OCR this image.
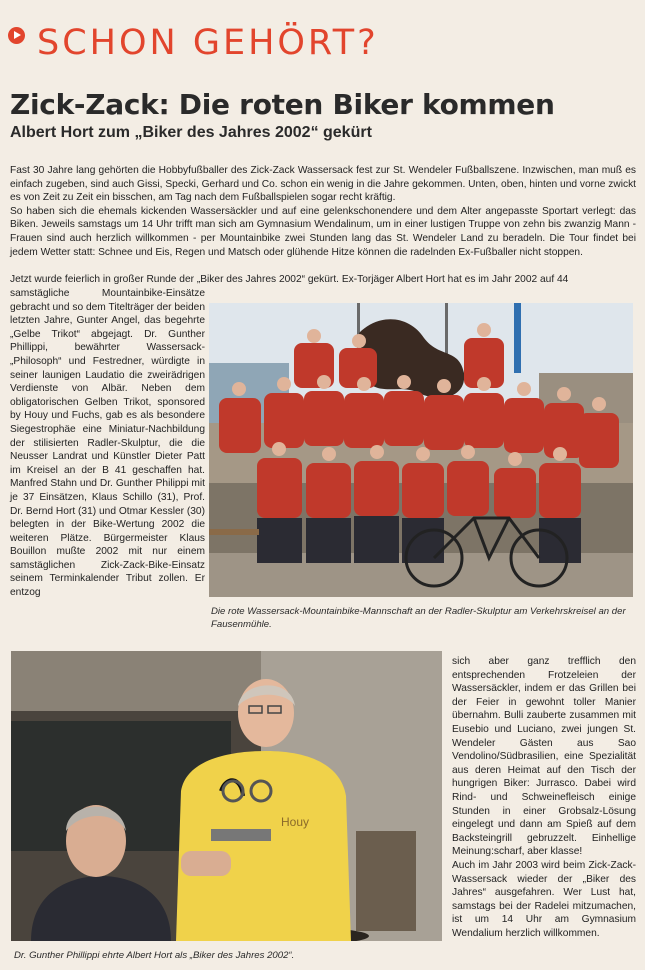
SCHON GEHÖRT?
Zick-Zack: Die roten Biker kommen
Albert Hort zum „Biker des Jahres 2002“ gekürt

Fast 30 Jahre lang gehörten die Hobbyfußballer des Zick-Zack Wassersack fest zur St. Wendeler Fußballszene. Inzwischen, man muß es einfach zugeben, sind auch Gissi, Specki, Gerhard und Co. schon ein wenig in die Jahre gekommen. Unten, oben, hinten und vorne zwickt es von Zeit zu Zeit ein bisschen, am Tag nach dem Fußballspielen sogar recht kräftig.

So haben sich die ehemals kickenden Wassersäckler und auf eine gelenkschonendere und dem Alter angepasste Sportart verlegt: das Biken. Jeweils samstags um 14 Uhr trifft man sich am Gymnasium Wendalinum, um in einer lustigen Truppe von zehn bis zwanzig Mann - Frauen sind auch herzlich willkommen - per Mountainbike zwei Stunden lang das St. Wendeler Land zu beradeln. Die Tour findet bei jedem Wetter statt: Schnee und Eis, Regen und Matsch oder glühende Hitze können die radelnden Ex-Fußballer nicht stoppen.

Jetzt wurde feierlich in großer Runde der „Biker des Jahres 2002“ gekürt. Ex-Torjäger Albert Hort hat es im Jahr 2002 auf 44

samstägliche Mountainbike-Einsätze gebracht und so dem Titelträger der beiden letzten Jahre, Gunter Angel, das begehrte „Gelbe Trikot“ abgejagt. Dr. Gunther Phillippi, bewährter Wassersack-„Philosoph“ und Festredner, würdigte in seiner launigen Laudatio die zweirädrigen Verdienste von Albär. Neben dem obligatorischen Gelben Trikot, sponsored by Houy und Fuchs, gab es als besondere Siegestrophäe eine Miniatur-Nachbildung der stilisierten Radler-Skulptur, die die Neusser Landrat und Künstler Dieter Patt im Kreisel an der B 41 geschaffen hat. Manfred Stahn und Dr. Gunther Philippi mit je 37 Einsätzen, Klaus Schillo (31), Prof. Dr. Bernd Hort (31) und Otmar Kessler (30) belegten in der Bike-Wertung 2002 die weiteren Plätze. Bürgermeister Klaus Bouillon mußte 2002 mit nur einem samstäglichen Zick-Zack-Bike-Einsatz seinem Terminkalender Tribut zollen. Er entzog

Die rote Wassersack-Mountainbike-Mannschaft an der Radler-Skulptur am Verkehrskreisel an der Fausenmühle.
Houy
Dr. Gunther Phillippi ehrte Albert Hort als „Biker des Jahres 2002“.

sich aber ganz trefflich den entsprechenden Frotzeleien der Wassersäckler, indem er das Grillen bei der Feier in gewohnt toller Manier übernahm. Bulli zauberte zusammen mit Eusebio und Luciano, zwei jungen St. Wendeler Gästen aus Sao Vendolino/Südbrasilien, eine Spezialität aus deren Heimat auf den Tisch der hungrigen Biker: Jurrasco. Dabei wird Rind- und Schweinefleisch einige Stunden in einer Grobsalz-Lösung eingelegt und dann am Spieß auf dem Backsteingrill gebruzzelt. Einhellige Meinung:scharf, aber klasse!

Auch im Jahr 2003 wird beim Zick-Zack-Wassersack wieder der „Biker des Jahres“ ausgefahren. Wer Lust hat, samstags bei der Radelei mitzumachen, ist um 14 Uhr am Gymnasium Wendalium herzlich willkommen.
